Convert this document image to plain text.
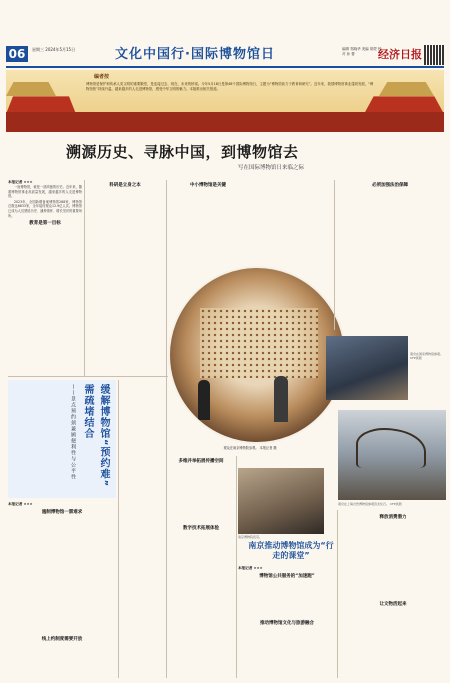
06	星期三 2024年5月15日	文化中国行·国际博物馆日	编辑 郑晓华 美编 胡蒙 校对 孙 蕾	经济日报
编者按
博物馆是保护和传承人类文明的重要殿堂，是连接过去、现在、未来的桥梁。今年5月18日是第48个国际博物馆日，主题为“博物馆致力于教育和研究”。近年来，我国博物馆事业蓬勃发展，“博物馆热”持续升温，越来越多的人走进博物馆，感受中华文明的魅力。本版推出相关报道。
溯源历史、寻脉中国，到博物馆去
写在国际博物馆日来临之际
本报记者 ×××

一座博物馆，就是一部浓缩的历史。近年来，随着博物馆事业高质量发展，越来越多的人走进博物馆。

2023年，全国新增备案博物馆268家，博物馆总数达6833家，全年接待观众12.9亿人次。博物馆已成为人们感悟历史、涵养情怀、增长见识的重要场所。

教育是第一目标
科研是立身之本	中小博物馆是关键	必须加强法治保障
缓解博物馆“预约难”
需疏堵结合
——景点预约须兼顾便利性与公平性
本报记者 ×××
遏制博物馆一票难求
线上约制度需要开放
观众在南京博物院参观。 本报记者 摄
多维并举拓展传播空间
数字技术拓展体验
观众在国家博物馆参观。 CFP供图
观众在上海自然博物馆参观恐龙化石。 CFP供图
释放消费潜力
让文物活起来
南京博物院夜景。
南京推动博物馆成为“行走的课堂”
本报记者 ×××
博物馆公共服务的“加速跑”
推动博物馆文化与旅游融合
